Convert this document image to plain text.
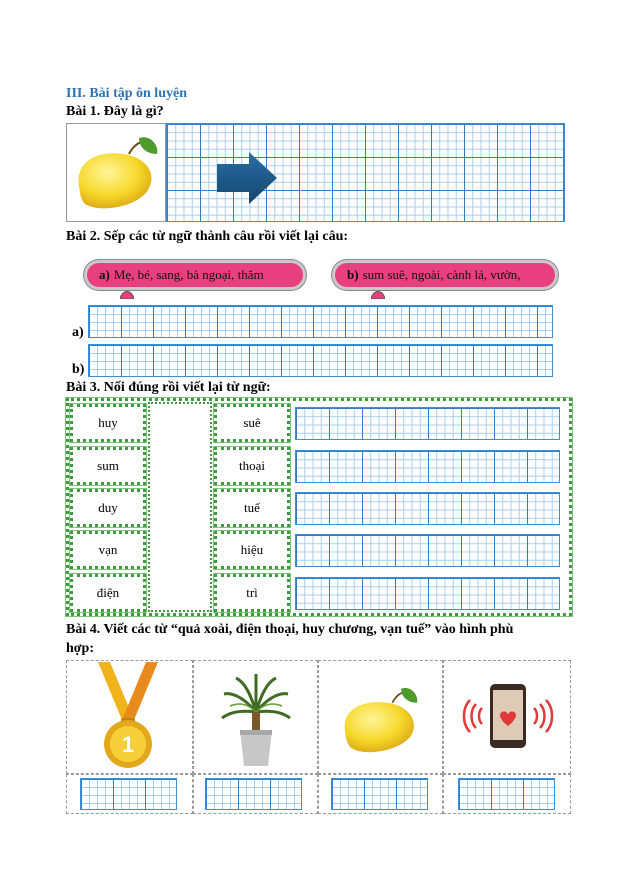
III. Bài tập ôn luyện
Bài 1. Đây là gì?
Bài 2. Sếp các từ ngữ thành câu rồi viết lại câu:
a) Mẹ, bé, sang, bà ngoại, thăm	b) sum suê, ngoài, cành lá, vườn,
a)
b)
Bài 3. Nối đúng rồi viết lại từ ngữ:
huy
sum
duy
vạn
điện
suê
thoại
tuế
hiệu
trì
Bài 4. Viết các từ “quả xoài, điện thoại, huy chương, vạn tuế” vào hình phù
hợp:
1
